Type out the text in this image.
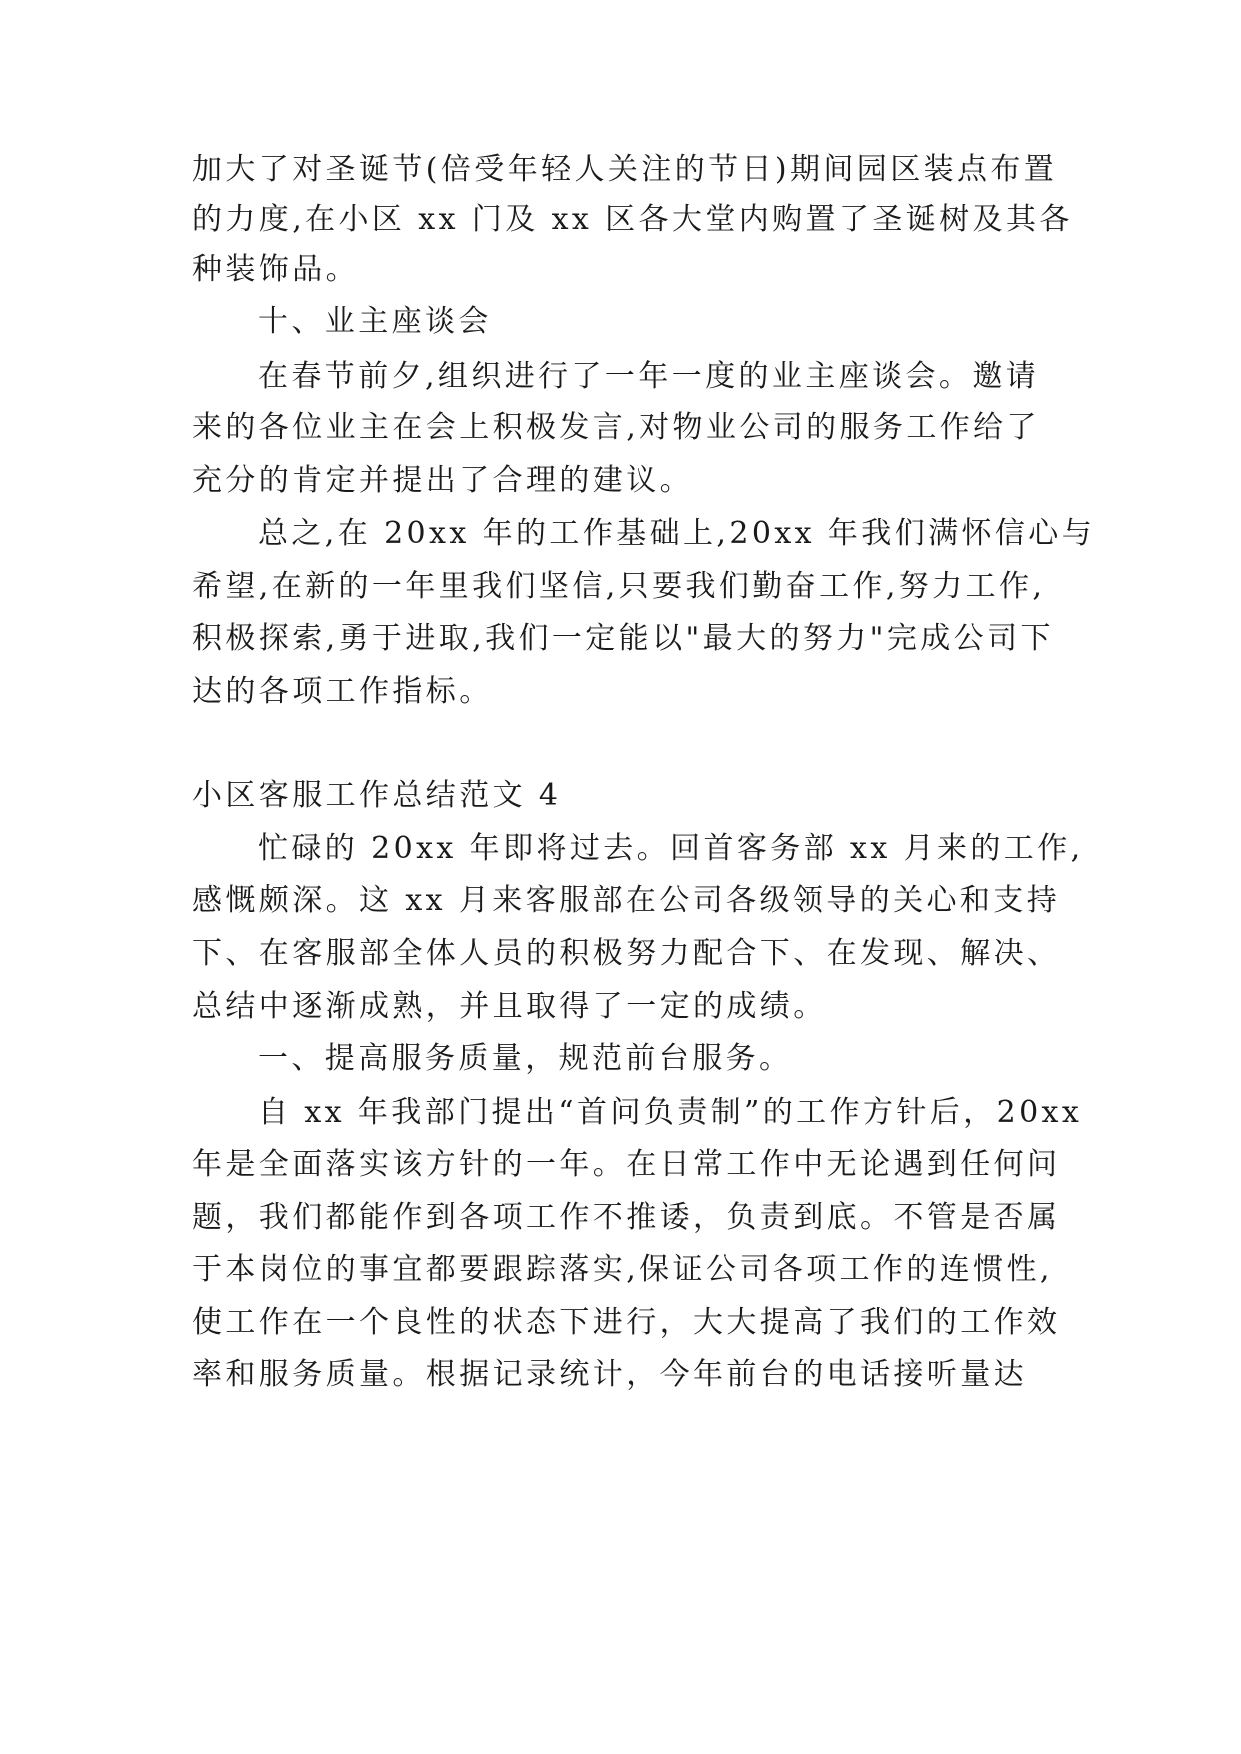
加大了对圣诞节(倍受年轻人关注的节日)期间园区装点布置
的力度,在小区 xx 门及 xx 区各大堂内购置了圣诞树及其各
种装饰品。
十、业主座谈会
在春节前夕,组织进行了一年一度的业主座谈会。邀请
来的各位业主在会上积极发言,对物业公司的服务工作给了
充分的肯定并提出了合理的建议。
总之,在 20xx 年的工作基础上,20xx 年我们满怀信心与
希望,在新的一年里我们坚信,只要我们勤奋工作,努力工作,
积极探索,勇于进取,我们一定能以"最大的努力"完成公司下
达的各项工作指标。
小区客服工作总结范文 4
忙碌的 20xx 年即将过去。回首客务部 xx 月来的工作,
感慨颇深。这 xx 月来客服部在公司各级领导的关心和支持
下、在客服部全体人员的积极努力配合下、在发现、解决、
总结中逐渐成熟，并且取得了一定的成绩。
一、提高服务质量，规范前台服务。
自 xx 年我部门提出“首问负责制”的工作方针后，20xx
年是全面落实该方针的一年。在日常工作中无论遇到任何问
题，我们都能作到各项工作不推诿，负责到底。不管是否属
于本岗位的事宜都要跟踪落实,保证公司各项工作的连惯性,
使工作在一个良性的状态下进行，大大提高了我们的工作效
率和服务质量。根据记录统计，今年前台的电话接听量达
